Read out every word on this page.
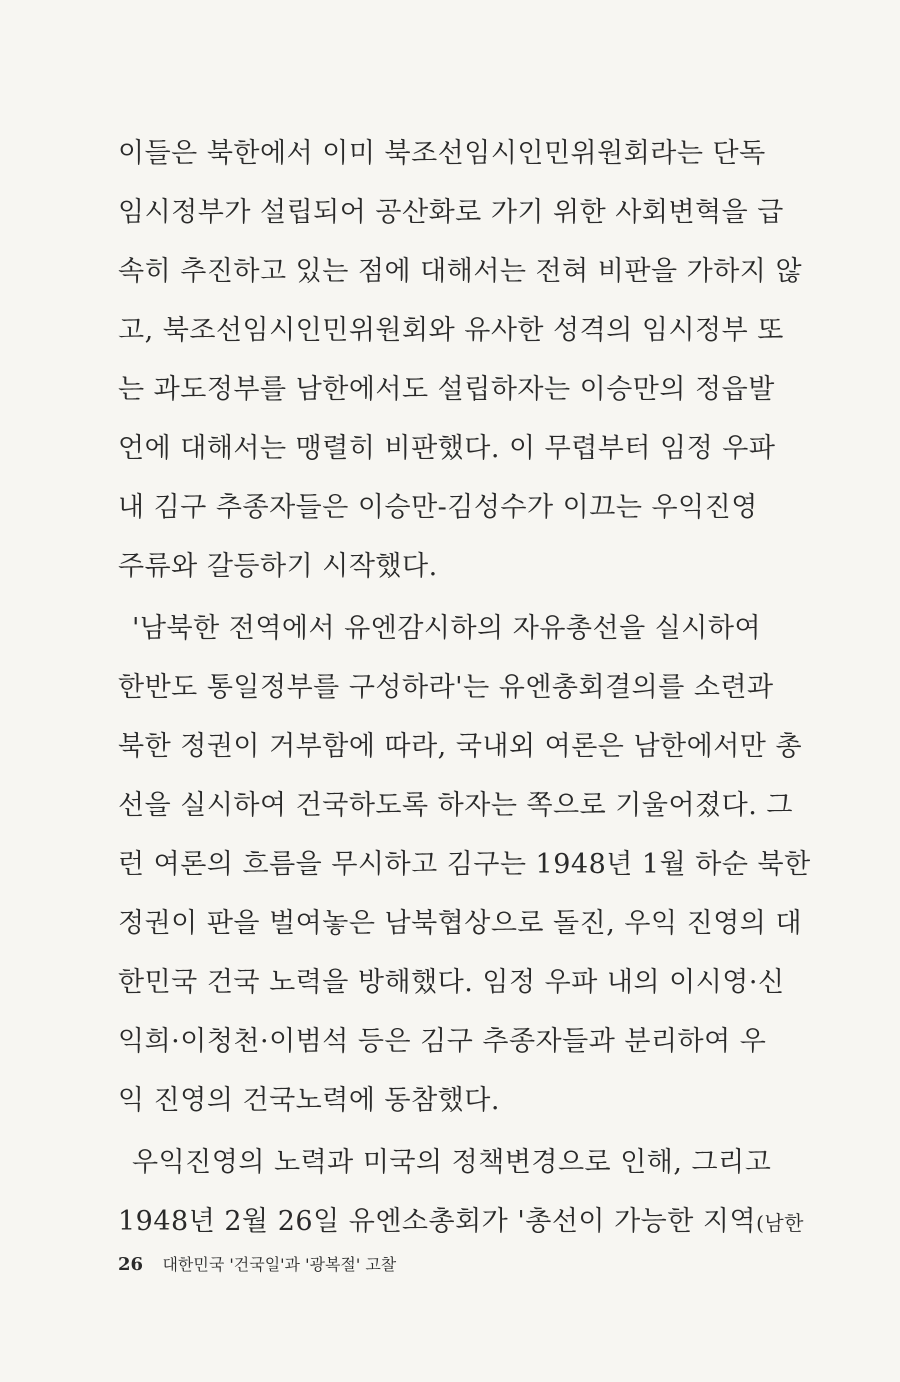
이들은 북한에서 이미 북조선임시인민위원회라는 단독
임시정부가 설립되어 공산화로 가기 위한 사회변혁을 급
속히 추진하고 있는 점에 대해서는 전혀 비판을 가하지 않
고, 북조선임시인민위원회와 유사한 성격의 임시정부 또
는 과도정부를 남한에서도 설립하자는 이승만의 정읍발
언에 대해서는 맹렬히 비판했다. 이 무렵부터 임정 우파
내 김구 추종자들은 이승만-김성수가 이끄는 우익진영
주류와 갈등하기 시작했다.
'남북한 전역에서 유엔감시하의 자유총선을 실시하여
한반도 통일정부를 구성하라'는 유엔총회결의를 소련과
북한 정권이 거부함에 따라, 국내외 여론은 남한에서만 총
선을 실시하여 건국하도록 하자는 쪽으로 기울어졌다. 그
런 여론의 흐름을 무시하고 김구는 1948년 1월 하순 북한
정권이 판을 벌여놓은 남북협상으로 돌진, 우익 진영의 대
한민국 건국 노력을 방해했다. 임정 우파 내의 이시영·신
익희·이청천·이범석 등은 김구 추종자들과 분리하여 우
익 진영의 건국노력에 동참했다.
우익진영의 노력과 미국의 정책변경으로 인해, 그리고
1948년 2월 26일 유엔소총회가 '총선이 가능한 지역(남한
26 대한민국 '건국일'과 '광복절' 고찰
